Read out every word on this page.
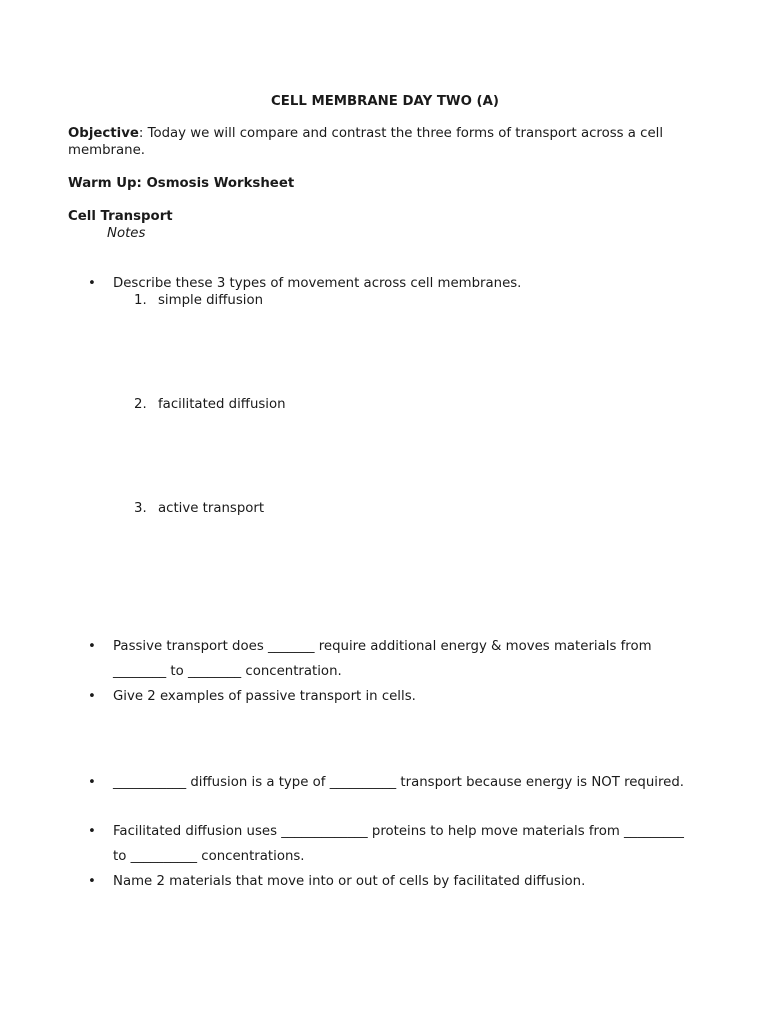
CELL MEMBRANE DAY TWO (A)
Objective: Today we will compare and contrast the three forms of transport across a cell membrane.
Warm Up: Osmosis Worksheet
Cell Transport
Notes
•	Describe these 3 types of movement across cell membranes.
1. simple diffusion
2. facilitated diffusion
3. active transport
•	Passive transport does _______ require additional energy & moves materials from ________ to ________ concentration.
•	Give 2 examples of passive transport in cells.
•	___________ diffusion is a type of __________ transport because energy is NOT required.
•	Facilitated diffusion uses _____________ proteins to help move materials from _________ to __________ concentrations.
•	Name 2 materials that move into or out of cells by facilitated diffusion.
